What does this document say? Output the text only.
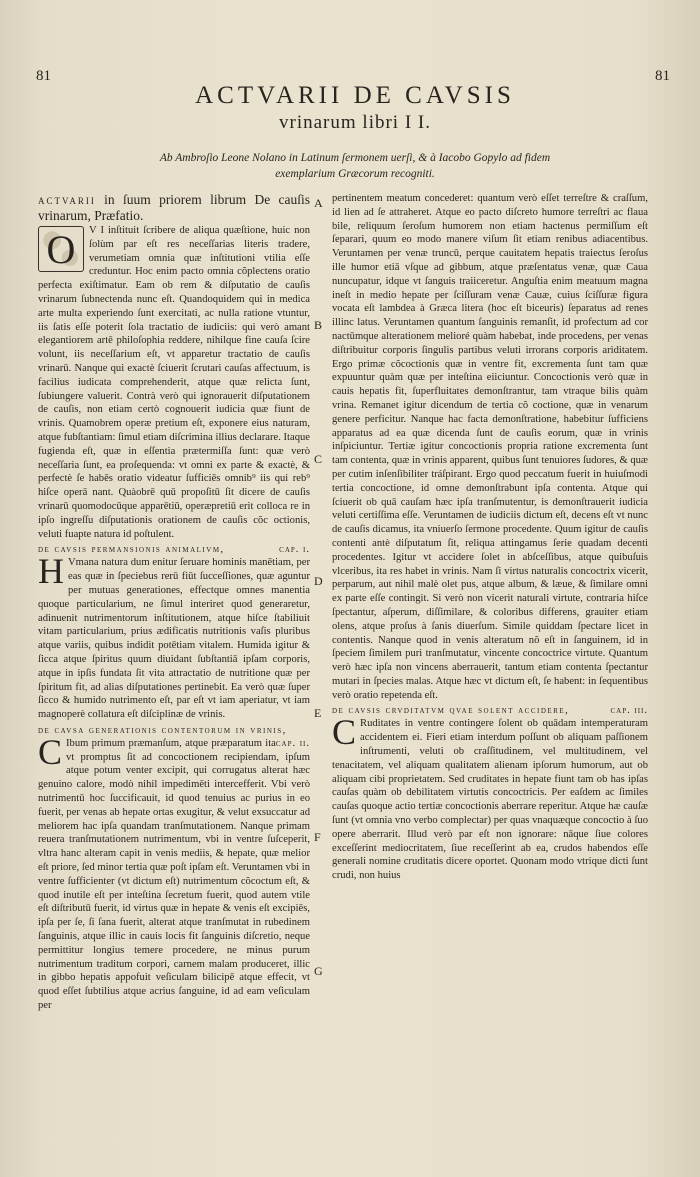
81	81
ACTVARII DE CAVSIS
vrinarum libri I I.
Ab Ambroſio Leone Nolano in Latinum ſermonem uerſi, & à Iacobo Gopylo ad fidem
exemplarium Græcorum recogniti.

actvarii in ſuum priorem librum De cauſis vrinarum, Præfatio.

O	V I inſtituit ſcribere de aliqua quæſtione, huic non ſolùm par eſt res neceſſarias literis tradere, verumetiam omnia quæ inſtitutioni vtilia eſſe creduntur. Hoc enim pacto omnia cõplectens oratio perfecta exiſtimatur. Eam ob rem & diſputatio de cauſis vrinarum ſubnectenda nunc eſt. Quandoquidem qui in medica arte multa experiendo ſunt exercitati, ac nulla ratione vtuntur, iis ſatis eſſe poterit ſola tractatio de iudiciis: qui verò amant elegantiorem artē philoſophia reddere, nihilque fine cauſa ſcire volunt, iis neceſſarium eſt, vt apparetur tractatio de cauſis vrinarū. Nanque qui exactè ſciuerit ſcrutari cauſas affectuum, is facilius iudicata comprehenderit, atque quæ relicta ſunt, ſubiungere valuerit. Contrà verò qui ignorauerit diſputationem de cauſis, non etiam certò cognouerit iudicia quæ fiunt de vrinis. Quamobrem operæ pretium eſt, exponere eius naturam, atque fubſtantiam: ſimul etiam diſcrimina illius declarare. Itaque fugienda eſt, quæ in eſſentia prætermiſſa ſunt: quæ verò neceſſaria ſunt, ea proſequenda: vt omni ex parte & exactè, & perfectè ſe habēs oratio videatur ſufficiēs omnib⁹ iis qui reb⁹ hiſce operā nant. Quàobrē quū propoſitū ſit dicere de cauſis vrinarū quomodocūque apparētiū, operæpretiū erit colloca re in ipſo ingreſſu diſputationis orationem de cauſis cõc octionis, veluti fuapte natura id poſtulent.

de cavsis permansionis animalivm,	cap. i.

H Vmana natura dum enitur ſeruare hominis manētiam, per eas quæ in ſpeciebus rerū fiūt ſucceſſiones, quæ aguntur per mutuas generationes, effectque omnes manentia quoque particularium, ne ſimul interiret quod generaretur, adinuenit nutrimentorum inſtitutionem, atque hiſce ſtabiliuit vitam particularium, prius ædificatis nutritionis vaſis pluribus atque variis, quibus indidit potētiam vitalem. Humida igitur & ſicca atque ſpiritus quum diuidant ſubſtantiā ipſam corporis, atque in ipſis fundata ſit vita attractatio de nutritione quæ per ſpiritum fit, ad alias diſputationes pertinebit. Ea verò quæ ſuper ſicco & humido nutrimento eſt, par eſt vt iam aperiatur, vt iam magnoperè collatura eſt diſciplinæ de vrinis.

de cavsa generationis contentorum in vrinis,
cap. ii.

C Ibum primum præmanſum, atque præparatum ita vt promptus ſit ad concoctionem recipiendam, ipſum atque potum venter excipit, qui corrugatus alterat hæc genuino calore, modò nihil impedimēti intercefferit. Vbi verò nutrimentū hoc ſuccificauit, id quod tenuius ac purius in eo fuerit, per venas ab hepate ortas exugitur, & velut exsuccatur ad meliorem hac ipſa quandam tranſmutationem. Nanque primam reuera tranſmutationem nutrimentum, vbi in ventre ſuſceperit, vltra hanc alteram capit in venis mediis, & hepate, quæ melior eſt priore, ſed minor tertia quæ poſt ipſam eſt. Veruntamen vbi in ventre ſufficienter (vt dictum eſt) nutrimentum cõcoctum eſt, & quod inutile eſt per inteſtina ſecretum fuerit, quod autem vtile eſt diſtributū fuerit, id virtus quæ in hepate & venis eſt excipiēs, ipſa per ſe, ſi ſana fuerit, alterat atque tranſmutat in rubedinem ſanguinis, atque illic in cauis locis fit ſanguinis diſcretio, neque permittitur longius temere procedere, ne minus purum nutrimentum traditum corpori, carnem malam produceret, illic in gibbo hepatis appofuit veſiculam bilicipē atque effecit, vt quod eſſet ſubtilius atque acrius ſanguine, id ad eam veſiculam per

A
B
C
D
E
F
G

pertinentem meatum concederet: quantum verò eſſet terreſtre & craſſum, id lien ad ſe attraheret. Atque eo pacto diſcreto humore terreſtri ac flaua bile, reliquum ſeroſum humorem non etiam hactenus permiſſum eſt ſeparari, quum eo modo manere viſum ſit etiam renibus adiacentibus. Veruntamen per venæ truncū, perque cauitatem hepatis traiectus ſeroſus ille humor etiā vſque ad gibbum, atque præſentatus venæ, quæ Caua nuncupatur, idque vt ſanguis traiiceretur. Anguſtia enim meatuum magna ineſt in medio hepate per ſciſſuram venæ Cauæ, cuius ſciſſuræ figura vocata eſt lambdea à Græca litera (hoc eſt biceuris) ſeparatus ad renes illinc latus. Veruntamen quantum ſanguinis remanſit, id profectum ad cor nactūmque alterationem melioré quàm habebat, inde procedens, per venas diſtribuitur corporis ſingulis partibus veluti irrorans corporis ariditatem. Ergo primæ cõcoctionis quæ in ventre fit, excrementa ſunt tam quæ expuuntur quàm quæ per inteſtina eiiciuntur. Concoctionis verò quæ in cauis hepatis fit, ſuperfluitates demonſtrantur, tam vtraque bilis quàm vrina. Remanet igitur dicendum de tertia cõ coctione, quæ in venarum genere perficitur. Nanque hac facta demonſtratione, habebitur ſufficiens apparatus ad ea quæ dicenda ſunt de cauſis eorum, quæ in vrinis inſpiciuntur. Tertiæ igitur concoctionis propria ratione excrementa ſunt tam contenta, quæ in vrinis apparent, quibus ſunt tenuiores ſudores, & quæ per cutim inſenſibiliter tráſpirant. Ergo quod peccatum fuerit in huiuſmodi tertia concoctione, id omne demonſtrabunt ipſa contenta. Atque qui ſciuerit ob quā cauſam hæc ipſa tranſmutentur, is demonſtrauerit iudicia veluti certiſſima eſſe. Veruntamen de iudiciis dictum eſt, decens eſt vt nunc de cauſis dicamus, ita vniuerſo ſermone procedente. Quum igitur de cauſis contenti antè diſputatum ſit, reliqua attingamus ſerie quadam decenti procedentes. Igitur vt accidere ſolet in abſceſſibus, atque quibuſuis vlceribus, ita res habet in vrinis. Nam ſi virtus naturalis concoctrix vicerit, perparum, aut nihil malè olet pus, atque album, & læue, & ſimilare omni ex parte eſſe contingit. Si verò non vicerit naturali virtute, contraria hiſce ſpectantur, aſperum, diſſimilare, & coloribus differens, grauiter etiam olens, atque proſus à ſanis diuerſum. Simile quiddam ſpectare licet in contentis. Nanque quod in venis alteratum nõ eſt in ſanguinem, id in ſpeciem ſimilem puri tranſmutatur, vincente concoctrice virtute. Quantum verò hæc ipſa non vincens aberrauerit, tantum etiam contenta ſpectantur mutari in ſpecies malas. Atque hæc vt dictum eſt, ſe habent: in ſequentibus verò oratio repetenda eſt.

de cavsis crvditatvm qvae solent accidere,	cap. iii.

C Ruditates in ventre contingere ſolent ob quādam intemperaturam accidentem ei. Fieri etiam interdum poſſunt ob aliquam paſſionem inſtrumenti, veluti ob craſſitudinem, vel multitudinem, vel tenacitatem, vel aliquam qualitatem alienam ipſorum humorum, aut ob aliquam cibi proprietatem. Sed cruditates in hepate fiunt tam ob has ipſas cauſas quàm ob debilitatem virtutis concoctricis. Per eaſdem ac ſimiles cauſas quoque actio tertiæ concoctionis aberrare reperitur. Atque hæ cauſæ ſunt (vt omnia vno verbo complectar) per quas vnaquæque concoctio à ſuo opere aberrarit. Illud verò par eſt non ignorare: nāque ſiue colores exceſſerint mediocritatem, ſiue receſſerint ab ea, crudos habendos eſſe generali nomine cruditatis dicere oportet. Quonam modo vtrique dicti ſunt crudi, non huius
